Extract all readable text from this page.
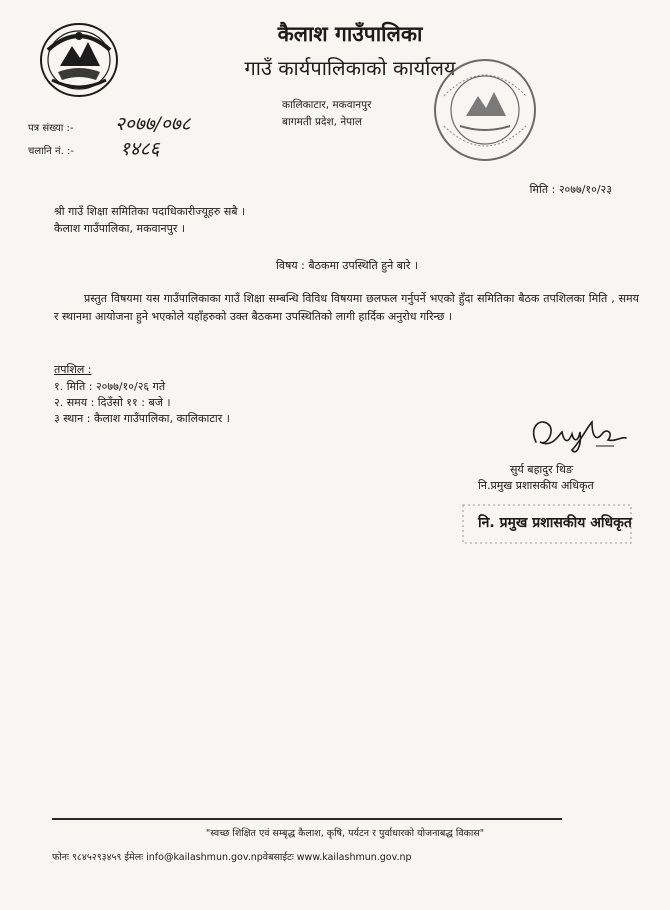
कैलाश गाउँपालिका
गाउँ कार्यपालिकाको कार्यालय
कालिकाटार, मकवानपुर
बागमती प्रदेश, नेपाल
पत्र संख्या :- २०७७/०७८
चलानि नं. :- १४८६
मिति : २०७७/१०/२३
श्री गाउँ शिक्षा समितिका पदाधिकारीज्यूहरु सबै ।
कैलाश गाउँपालिका, मकवानपुर ।
विषय : बैठकमा उपस्थिति हुने बारे ।
प्रस्तुत विषयमा यस गाउँपालिकाका गाउँ शिक्षा सम्बन्धि विविध विषयमा छलफल गर्नुपर्ने भएको हुँदा समितिका बैठक तपशिलका मिति , समय र स्थानमा आयोजना हुने भएकोले यहाँहरुको उक्त बैठकमा उपस्थितिको लागी हार्दिक अनुरोध गरिन्छ ।
तपशिल :
१. मिति : २०७७/१०/२६ गते
२. समय : दिउँसो ११ : बजे ।
३ स्थान : कैलाश गाउँपालिका, कालिकाटार ।
सुर्य बहादुर थिङ
नि.प्रमुख प्रशासकीय अधिकृत
नि. प्रमुख प्रशासकीय अधिकृत
"स्वच्छ शिक्षित एवं सम्बृद्ध कैलाश, कृषि, पर्यटन र पुर्वाधारको योजनाबद्ध विकास"
फोनः ९८४५२९३४५९ ईमेलः info@kailashmun.gov.npवेबसाईटः www.kailashmun.gov.np
